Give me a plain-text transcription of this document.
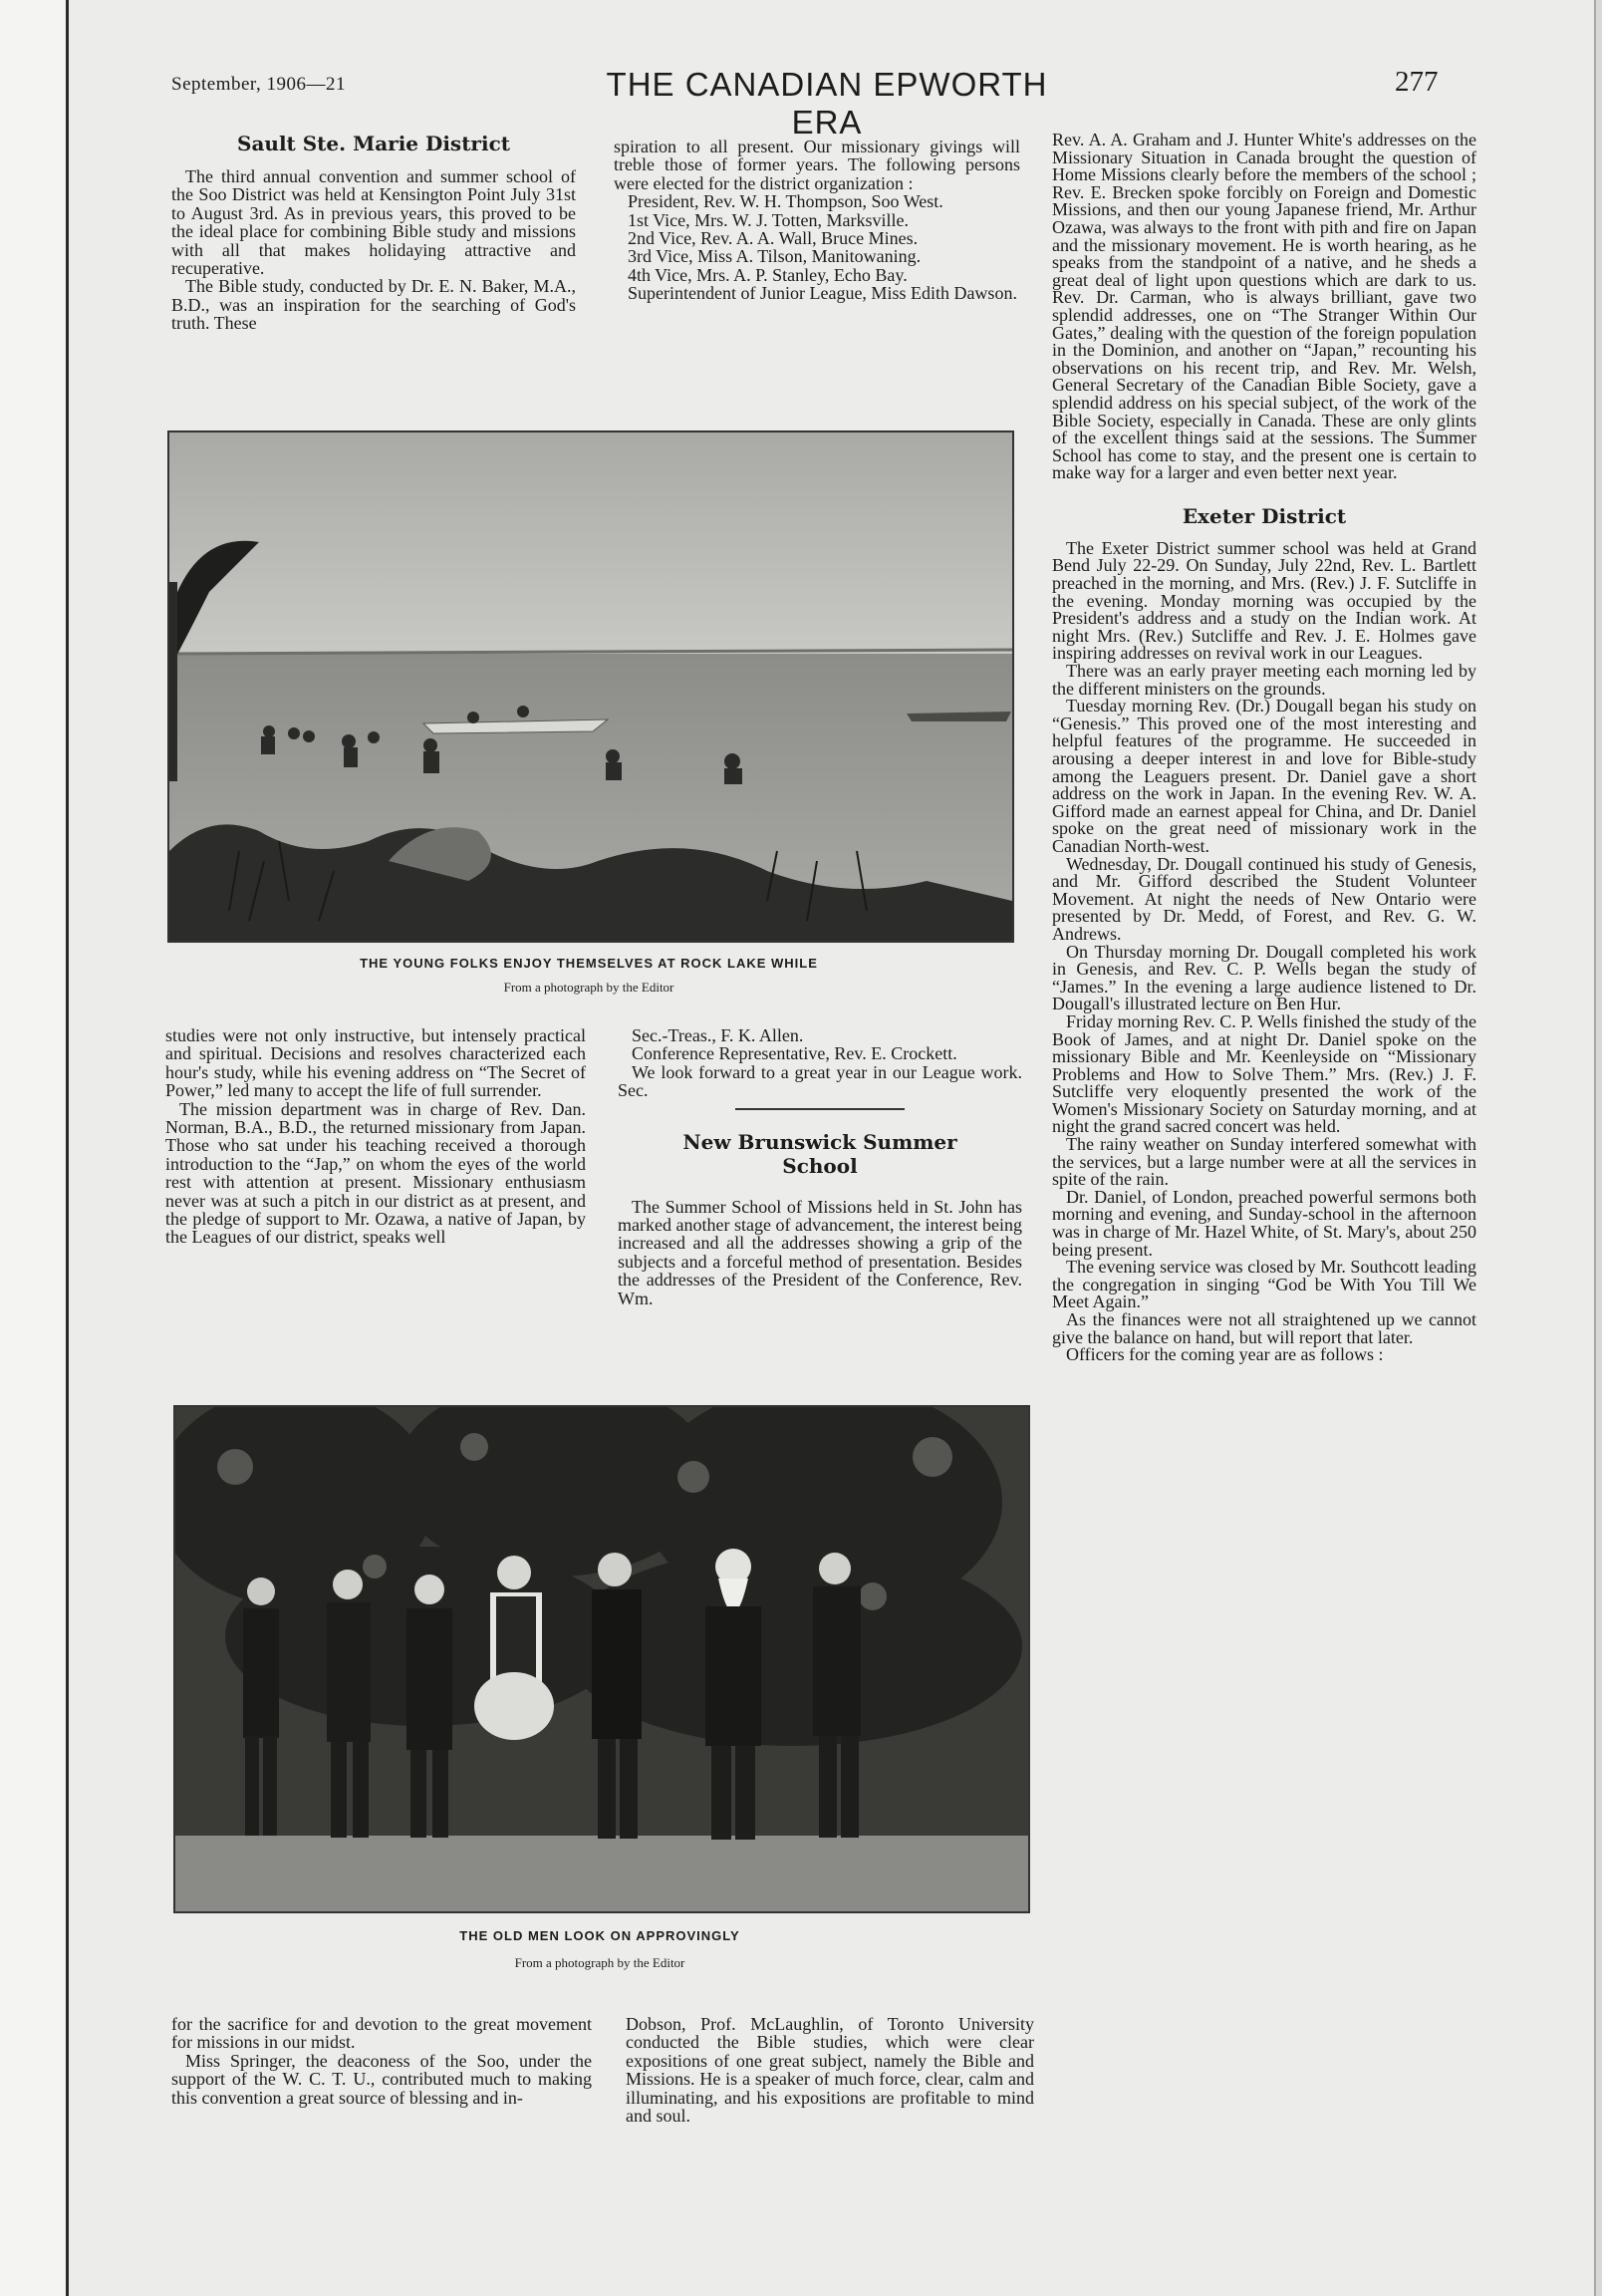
September, 1906—21	THE CANADIAN EPWORTH ERA
277
Sault Ste. Marie District

The third annual convention and summer school of the Soo District was held at Kensington Point July 31st to August 3rd. As in previous years, this proved to be the ideal place for combining Bible study and missions with all that makes holidaying attractive and recuperative.

The Bible study, conducted by Dr. E. N. Baker, M.A., B.D., was an inspiration for the searching of God's truth. These

spiration to all present. Our missionary givings will treble those of former years. The following persons were elected for the district organization :

President, Rev. W. H. Thompson, Soo West.

1st Vice, Mrs. W. J. Totten, Marksville.

2nd Vice, Rev. A. A. Wall, Bruce Mines.

3rd Vice, Miss A. Tilson, Manitowaning.

4th Vice, Mrs. A. P. Stanley, Echo Bay.

Superintendent of Junior League, Miss Edith Dawson.

THE YOUNG FOLKS ENJOY THEMSELVES AT ROCK LAKE WHILE
From a photograph by the Editor

studies were not only instructive, but intensely practical and spiritual. Decisions and resolves characterized each hour's study, while his evening address on “The Secret of Power,” led many to accept the life of full surrender.

The mission department was in charge of Rev. Dan. Norman, B.A., B.D., the returned missionary from Japan. Those who sat under his teaching received a thorough introduction to the “Jap,” on whom the eyes of the world rest with attention at present. Missionary enthusiasm never was at such a pitch in our district as at present, and the pledge of support to Mr. Ozawa, a native of Japan, by the Leagues of our district, speaks well

Sec.-Treas., F. K. Allen.

Conference Representative, Rev. E. Crockett.

We look forward to a great year in our League work. Sec.
New Brunswick Summer
School

The Summer School of Missions held in St. John has marked another stage of advancement, the interest being increased and all the addresses showing a grip of the subjects and a forceful method of presentation. Besides the addresses of the President of the Conference, Rev. Wm.

THE OLD MEN LOOK ON APPROVINGLY
From a photograph by the Editor

for the sacrifice for and devotion to the great movement for missions in our midst.

Miss Springer, the deaconess of the Soo, under the support of the W. C. T. U., contributed much to making this convention a great source of blessing and in-

Dobson, Prof. McLaughlin, of Toronto University conducted the Bible studies, which were clear expositions of one great subject, namely the Bible and Missions. He is a speaker of much force, clear, calm and illuminating, and his expositions are profitable to mind and soul.

Rev. A. A. Graham and J. Hunter White's addresses on the Missionary Situation in Canada brought the question of Home Missions clearly before the members of the school ; Rev. E. Brecken spoke forcibly on Foreign and Domestic Missions, and then our young Japanese friend, Mr. Arthur Ozawa, was always to the front with pith and fire on Japan and the missionary movement. He is worth hearing, as he speaks from the standpoint of a native, and he sheds a great deal of light upon questions which are dark to us. Rev. Dr. Carman, who is always brilliant, gave two splendid addresses, one on “The Stranger Within Our Gates,” dealing with the question of the foreign population in the Dominion, and another on “Japan,” recounting his observations on his recent trip, and Rev. Mr. Welsh, General Secretary of the Canadian Bible Society, gave a splendid address on his special subject, of the work of the Bible Society, especially in Canada. These are only glints of the excellent things said at the sessions. The Summer School has come to stay, and the present one is certain to make way for a larger and even better next year.

Exeter District

The Exeter District summer school was held at Grand Bend July 22-29. On Sunday, July 22nd, Rev. L. Bartlett preached in the morning, and Mrs. (Rev.) J. F. Sutcliffe in the evening. Monday morning was occupied by the President's address and a study on the Indian work. At night Mrs. (Rev.) Sutcliffe and Rev. J. E. Holmes gave inspiring addresses on revival work in our Leagues.

There was an early prayer meeting each morning led by the different ministers on the grounds.

Tuesday morning Rev. (Dr.) Dougall began his study on “Genesis.” This proved one of the most interesting and helpful features of the programme. He succeeded in arousing a deeper interest in and love for Bible-study among the Leaguers present. Dr. Daniel gave a short address on the work in Japan. In the evening Rev. W. A. Gifford made an earnest appeal for China, and Dr. Daniel spoke on the great need of missionary work in the Canadian North-west.

Wednesday, Dr. Dougall continued his study of Genesis, and Mr. Gifford described the Student Volunteer Movement. At night the needs of New Ontario were presented by Dr. Medd, of Forest, and Rev. G. W. Andrews.

On Thursday morning Dr. Dougall completed his work in Genesis, and Rev. C. P. Wells began the study of “James.” In the evening a large audience listened to Dr. Dougall's illustrated lecture on Ben Hur.

Friday morning Rev. C. P. Wells finished the study of the Book of James, and at night Dr. Daniel spoke on the missionary Bible and Mr. Keenleyside on “Missionary Problems and How to Solve Them.” Mrs. (Rev.) J. F. Sutcliffe very eloquently presented the work of the Women's Missionary Society on Saturday morning, and at night the grand sacred concert was held.

The rainy weather on Sunday interfered somewhat with the services, but a large number were at all the services in spite of the rain.

Dr. Daniel, of London, preached powerful sermons both morning and evening, and Sunday-school in the afternoon was in charge of Mr. Hazel White, of St. Mary's, about 250 being present.

The evening service was closed by Mr. Southcott leading the congregation in singing “God be With You Till We Meet Again.”

As the finances were not all straightened up we cannot give the balance on hand, but will report that later.

Officers for the coming year are as follows :
